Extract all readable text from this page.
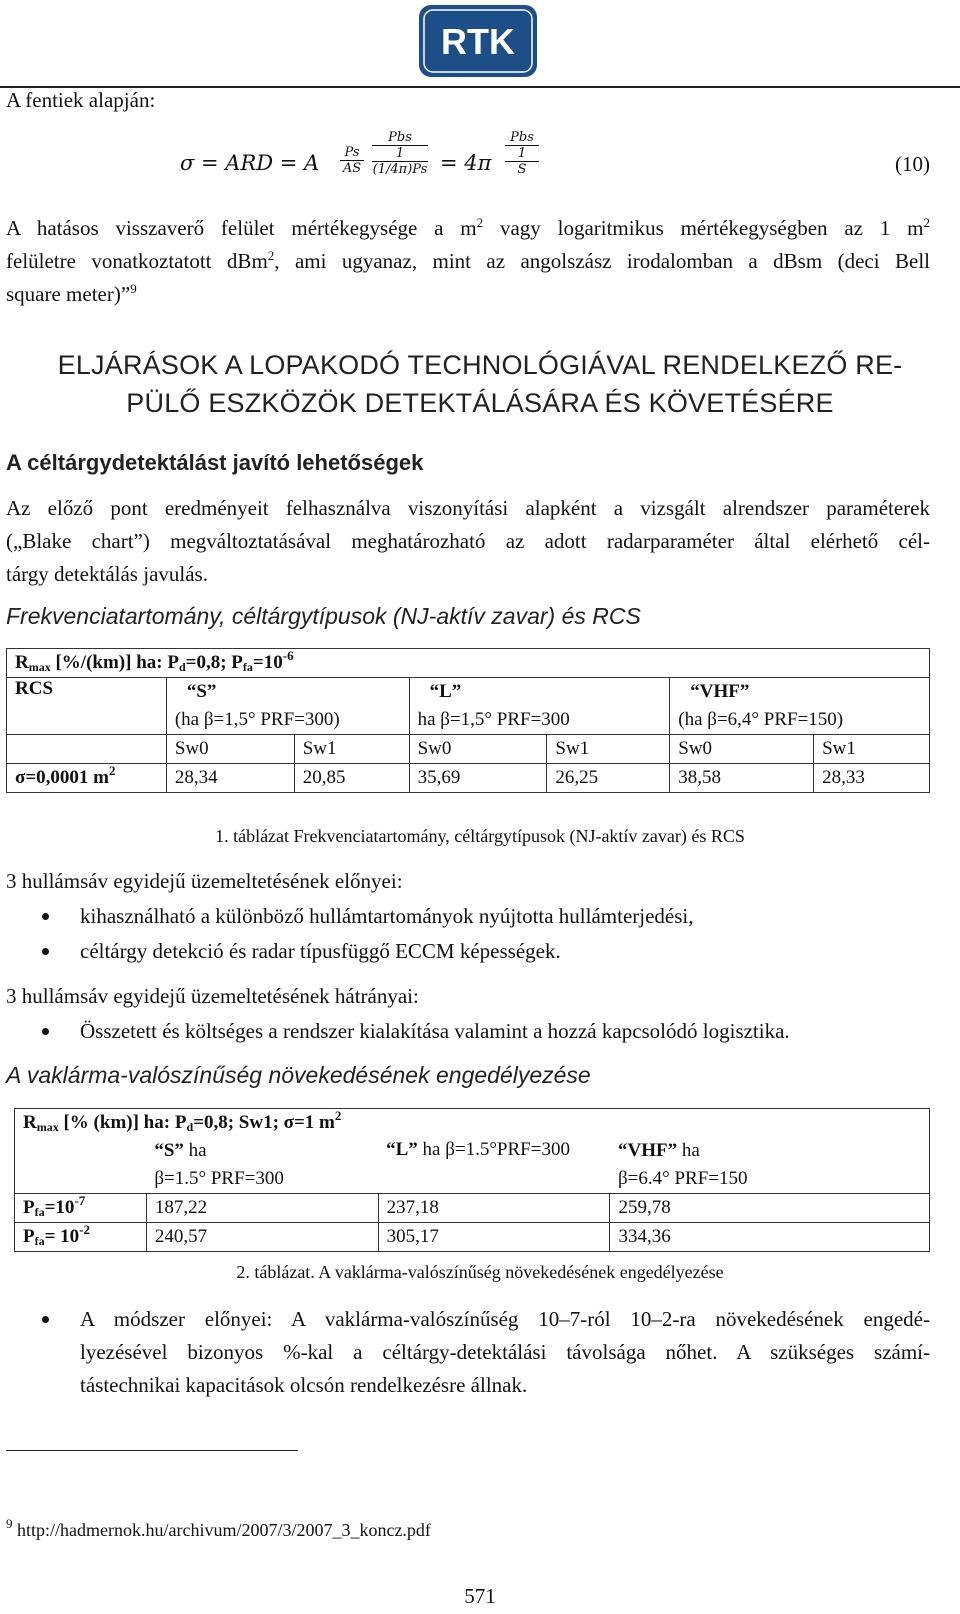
RTK
A fentiek alapján:
σ = ARD = A Ps
AS
Pbs
1
(1/4π)Ps = 4π
Pbs
1
S	(10)
A hatásos visszaverő felület mértékegysége a $m^2$ vagy logaritmikus mértékegységben az 1 $m^2$
felületre vonatkoztatott dBm$^2$, ami ugyanaz, mint az angolszász irodalomban a dBsm (deci Bell
square meter)”$^9$
ELJÁRÁSOK A LOPAKODÓ TECHNOLÓGIÁVAL RENDELKEZŐ RE-
PÜLŐ ESZKÖZÖK DETEKTÁLÁSÁRA ÉS KÖVETÉSÉRE
A céltárgydetektálást javító lehetőségek
Az előző pont eredményeit felhasználva viszonyítási alapként a vizsgált alrendszer paraméterek
(„Blake chart”) megváltoztatásával meghatározható az adott radarparaméter által elérhető cél-
tárgy detektálás javulás.
Frekvenciatartomány, céltárgytípusok (NJ-aktív zavar) és RCS
$R_{max}$ [%/(km)] ha: $P_d=0,8$; $P_{fa}=10^{-6}$
RCS	“S”		“L”		“VHF”	
	(ha β=1,5° PRF=300)		ha β=1,5° PRF=300		(ha β=6,4° PRF=150)	
	Sw0	Sw1	Sw0	Sw1	Sw0	Sw1
σ=0,0001 $m^2$	28,34	20,85	35,69	26,25	38,58	28,33
1. táblázat Frekvenciatartomány, céltárgytípusok (NJ-aktív zavar) és RCS
3 hullámsáv egyidejű üzemeltetésének előnyei:
kihasználható a különböző hullámtartományok nyújtotta hullámterjedési,
céltárgy detekció és radar típusfüggő ECCM képességek.
3 hullámsáv egyidejű üzemeltetésének hátrányai:
Összetett és költséges a rendszer kialakítása valamint a hozzá kapcsolódó logisztika.
A vaklárma-valószínűség növekedésének engedélyezése
$R_{max}$ [% (km)] ha: $P_d=0,8$; Sw1; σ=1 $m^2$
	“S” ha	“L” ha β=1.5°PRF=300	“VHF” ha
	β=1.5° PRF=300		β=6.4° PRF=150
$P_{fa}=10^{-7}$	187,22	237,18	259,78
$P_{fa}= 10^{-2}$	240,57	305,17	334,36
2. táblázat. A vaklárma-valószínűség növekedésének engedélyezése
A módszer előnyei: A vaklárma-valószínűség 10–7-ról 10–2-ra növekedésének engedé-
lyezésével bizonyos %-kal a céltárgy-detektálási távolsága nőhet. A szükséges számí-
tástechnikai kapacitások olcsón rendelkezésre állnak.
$^9$ http://hadmernok.hu/archivum/2007/3/2007_3_koncz.pdf
571
